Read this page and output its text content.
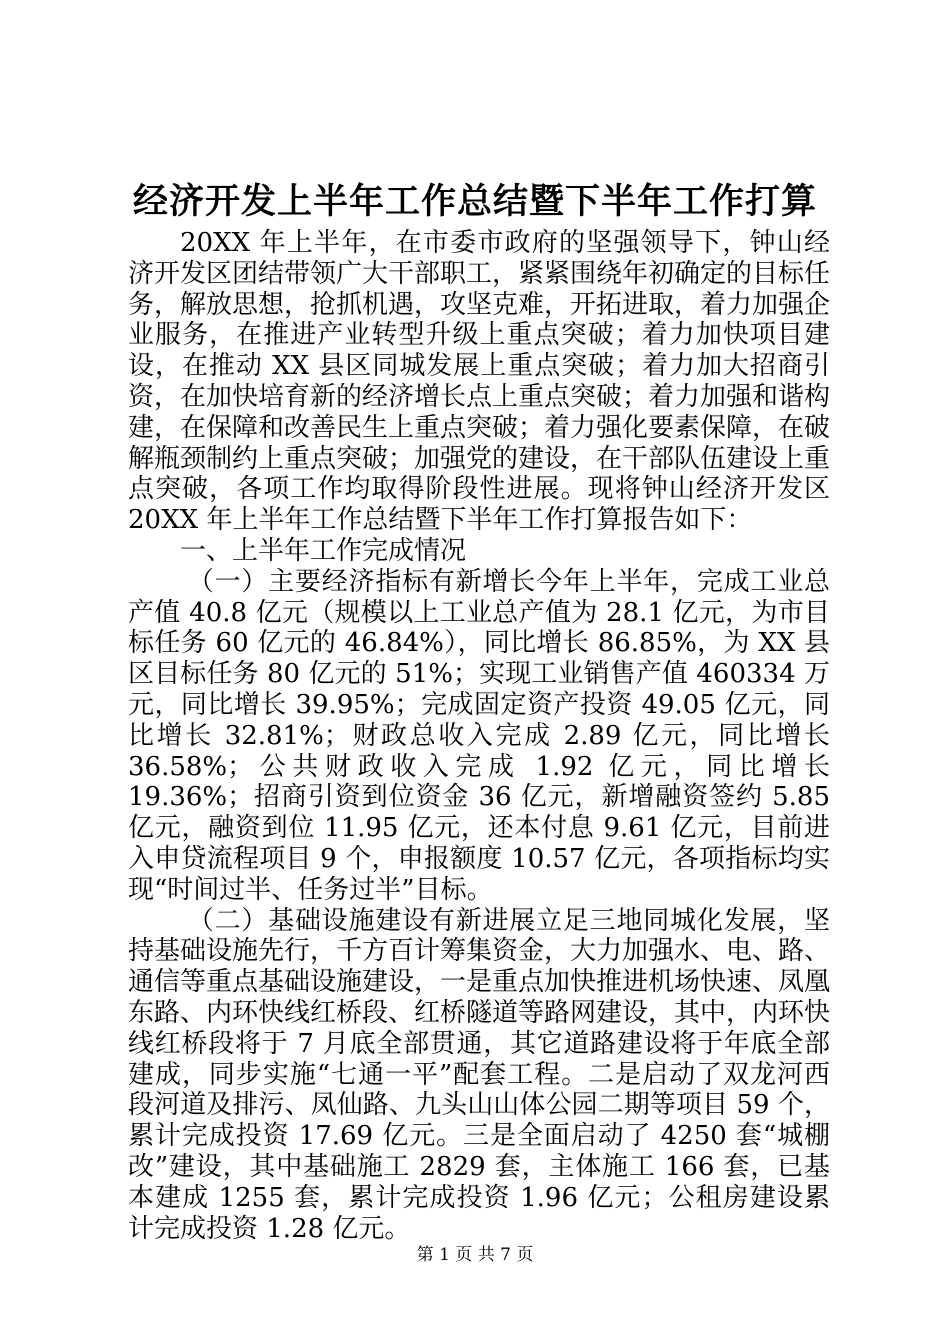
经济开发上半年工作总结暨下半年工作打算

20XX 年上半年，在市委市政府的坚强领导下，钟山经济开发区团结带领广大干部职工，紧紧围绕年初确定的目标任务，解放思想，抢抓机遇，攻坚克难，开拓进取，着力加强企业服务，在推进产业转型升级上重点突破；着力加快项目建设，在推动 XX 县区同城发展上重点突破；着力加大招商引资，在加快培育新的经济增长点上重点突破；着力加强和谐构建，在保障和改善民生上重点突破；着力强化要素保障，在破解瓶颈制约上重点突破；加强党的建设，在干部队伍建设上重点突破，各项工作均取得阶段性进展。现将钟山经济开发区 20XX 年上半年工作总结暨下半年工作打算报告如下：

一、上半年工作完成情况

（一）主要经济指标有新增长今年上半年，完成工业总产值 40.8 亿元（规模以上工业总产值为 28.1 亿元，为市目标任务 60 亿元的 46.84%），同比增长 86.85%，为 XX 县区目标任务 80 亿元的 51%；实现工业销售产值 460334 万元，同比增长 39.95%；完成固定资产投资 49.05 亿元，同比增长 32.81%；财政总收入完成 2.89 亿元，同比增长 36.58%；公共财政收入完成 1.92 亿元，同比增长 19.36%；招商引资到位资金 36 亿元，新增融资签约 5.85 亿元，融资到位 11.95 亿元，还本付息 9.61 亿元，目前进入申贷流程项目 9 个，申报额度 10.57 亿元，各项指标均实现“时间过半、任务过半”目标。

（二）基础设施建设有新进展立足三地同城化发展，坚持基础设施先行，千方百计筹集资金，大力加强水、电、路、通信等重点基础设施建设，一是重点加快推进机场快速、凤凰东路、内环快线红桥段、红桥隧道等路网建设，其中，内环快线红桥段将于 7 月底全部贯通，其它道路建设将于年底全部建成，同步实施“七通一平”配套工程。二是启动了双龙河西段河道及排污、凤仙路、九头山山体公园二期等项目 59 个，累计完成投资 17.69 亿元。三是全面启动了 4250 套“城棚改”建设，其中基础施工 2829 套，主体施工 166 套，已基本建成 1255 套，累计完成投资 1.96 亿元；公租房建设累计完成投资 1.28 亿元。

第 1 页 共 7 页
